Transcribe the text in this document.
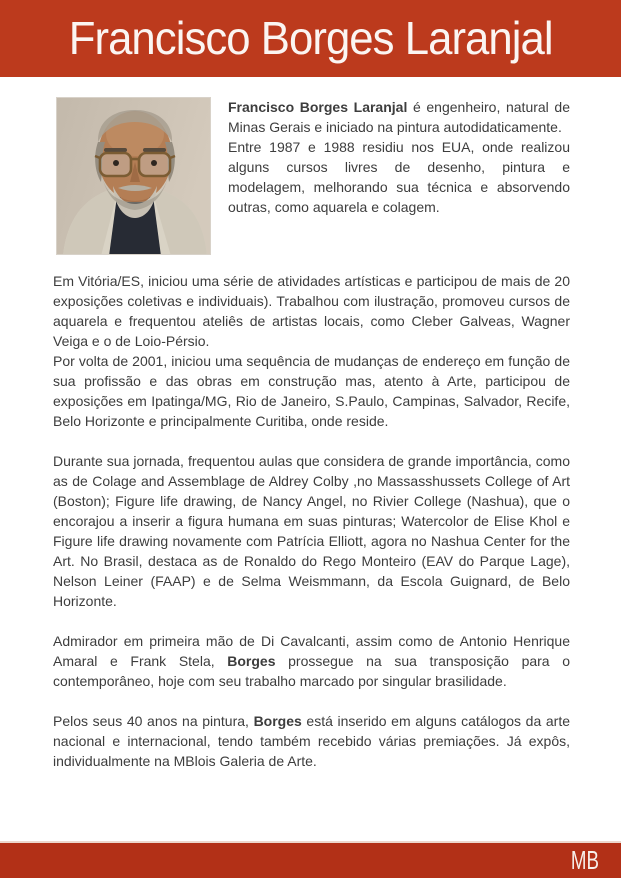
Francisco Borges Laranjal

Francisco Borges Laranjal é engenheiro, natural de Minas Gerais e iniciado na pintura autodidaticamente.

Entre 1987 e 1988 residiu nos EUA, onde realizou alguns cursos livres de desenho, pintura e modelagem, melhorando sua técnica e absorvendo outras, como aquarela e colagem.

Em Vitória/ES, iniciou uma série de atividades artísticas e participou de mais de 20 exposições coletivas e individuais). Trabalhou com ilustração, promoveu cursos de aquarela e frequentou ateliês de artistas locais, como Cleber Galveas, Wagner Veiga e o de Loio-Pérsio.

Por volta de 2001, iniciou uma sequência de mudanças de endereço em função de sua profissão e das obras em construção mas, atento à Arte, participou de exposições em Ipatinga/MG, Rio de Janeiro, S.Paulo, Campinas, Salvador, Recife, Belo Horizonte e principalmente Curitiba, onde reside.

Durante sua jornada, frequentou aulas que considera de grande importância, como as de Colage and Assemblage de Aldrey Colby ,no Massasshussets College of Art (Boston); Figure life drawing, de Nancy Angel, no Rivier College (Nashua), que o encorajou a inserir a figura humana em suas pinturas; Watercolor de Elise Khol e Figure life drawing novamente com Patrícia Elliott, agora no Nashua Center for the Art. No Brasil, destaca as de Ronaldo do Rego Monteiro (EAV do Parque Lage), Nelson Leiner (FAAP) e de Selma Weismmann, da Escola Guignard, de Belo Horizonte.

Admirador em primeira mão de Di Cavalcanti, assim como de Antonio Henrique Amaral e Frank Stela, Borges prossegue na sua transposição para o contemporâneo, hoje com seu trabalho marcado por singular brasilidade.

Pelos seus 40 anos na pintura, Borges está inserido em alguns catálogos da arte nacional e internacional, tendo também recebido várias premiações. Já expôs, individualmente na MBlois Galeria de Arte.

MB
